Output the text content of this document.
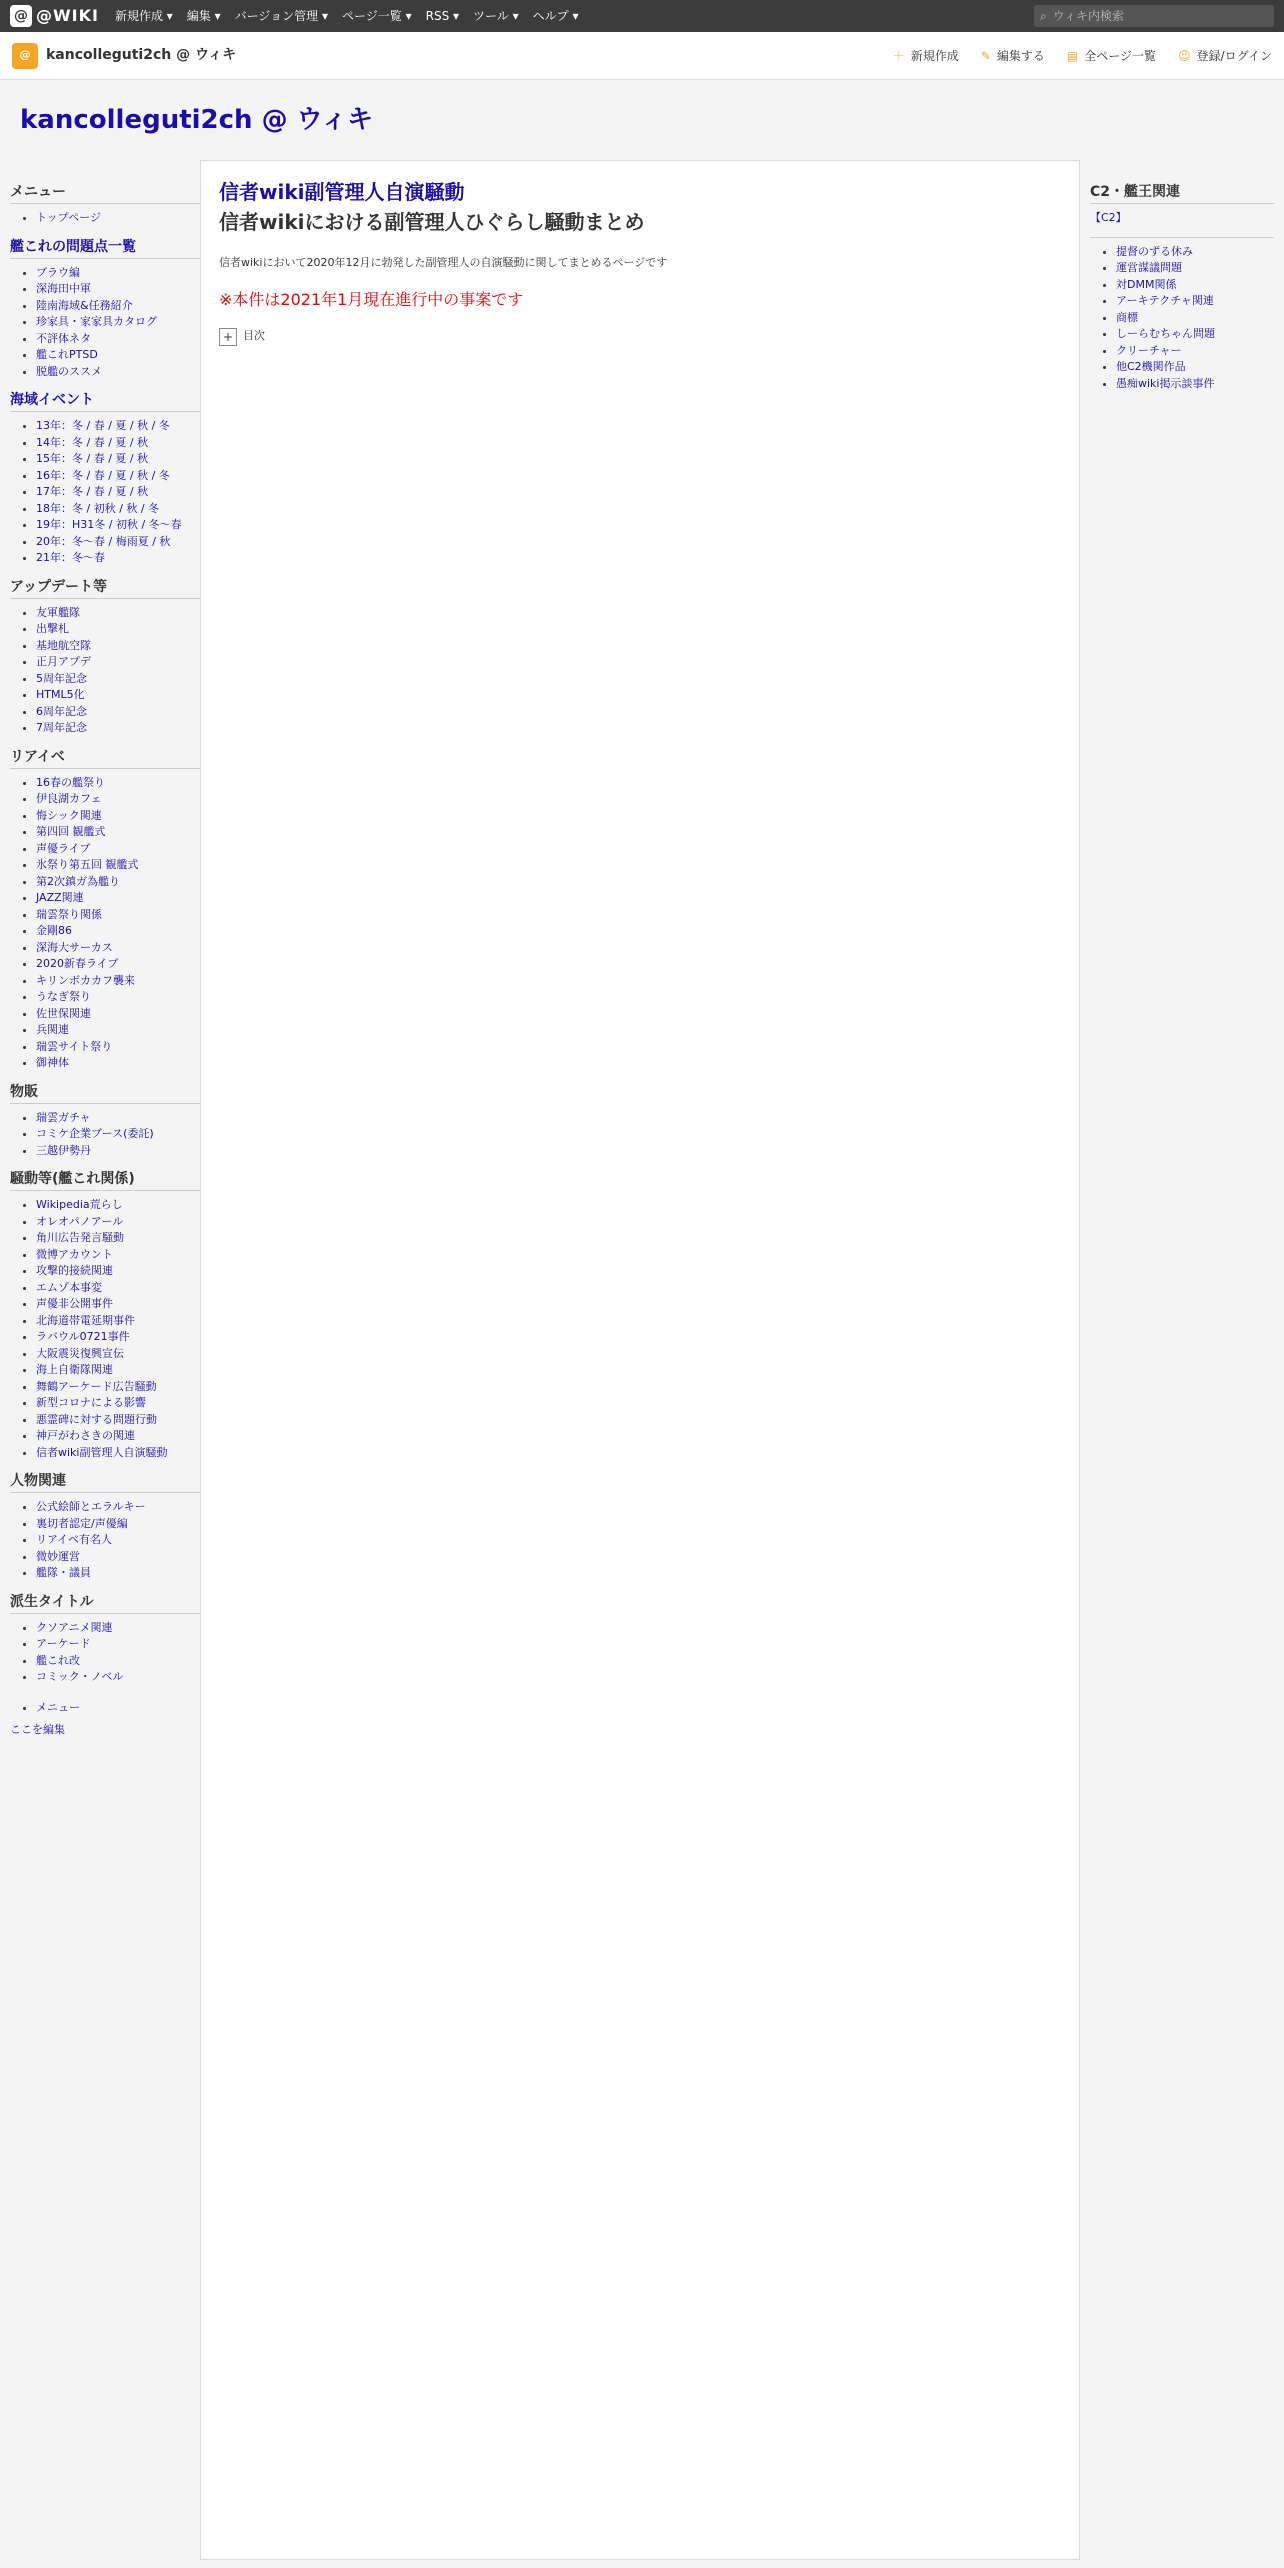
@ @WIKI 新規作成 ▾ 編集 ▾ バージョン管理 ▾ ページ一覧 ▾ RSS ▾ ツール ▾ ヘルプ ▾	⌕ ウィキ内検索
@	kancolleguti2ch @ ウィキ	＋ 新規作成 ✎ 編集する ▤ 全ページ一覧 ☺ 登録/ログイン
kancolleguti2ch @ ウィキ
メニュー
• トップページ
艦これの問題点一覧
• ブラウ編
• 深海田中軍
• 陸南海域&任務紹介
• 珍家具・家家具カタログ
• 不評体ネタ
• 艦これPTSD
• 脱艦のススメ
海域イベント
• 13年：冬 / 春 / 夏 / 秋 / 冬
• 14年：冬 / 春 / 夏 / 秋
• 15年：冬 / 春 / 夏 / 秋
• 16年：冬 / 春 / 夏 / 秋 / 冬
• 17年：冬 / 春 / 夏 / 秋
• 18年：冬 / 初秋 / 秋 / 冬
• 19年：H31冬 / 初秋 / 冬〜春
• 20年：冬〜春 / 梅雨夏 / 秋
• 21年：冬〜春
アップデート等
• 友軍艦隊
• 出撃札
• 基地航空隊
• 正月アプデ
• 5周年記念
• HTML5化
• 6周年記念
• 7周年記念
リアイベ
• 16春の艦祭り
• 伊良湖カフェ
• 悔シック関連
• 第四回 観艦式
• 声優ライブ
• 氷祭り第五回 観艦式
• 第2次鎮ガ為艦り
• JAZZ関連
• 瑞雲祭り関係
• 金剛86
• 深海大サーカス
• 2020新春ライブ
• キリンボカカフ襲来
• うなぎ祭り
• 佐世保関連
• 兵関連
• 瑞雲サイト祭り
• 御神体
物販
• 瑞雲ガチャ
• コミケ企業ブース(委託)
• 三越伊勢丹
騒動等(艦これ関係)
• Wikipedia荒らし
• オレオパノアール
• 角川広告発言騒動
• 微博アカウント
• 攻撃的接続関連
• エムゾ本事変
• 声優非公開事件
• 北海道帯電延期事件
• ラバウル0721事件
• 大阪震災復興宣伝
• 海上自衛隊関連
• 舞鶴アーケード広告騒動
• 新型コロナによる影響
• 悪霊碑に対する問題行動
• 神戸がわさきの関連
• 信者wiki副管理人自演騒動
人物関連
• 公式絵師とエラルキー
• 裏切者認定/声優編
• リアイベ有名人
• 微妙運営
• 艦隊・議員
派生タイトル
• クソアニメ関連
• アーケード
• 艦これ改
• コミック・ノベル
• メニュー
ここを編集
信者wiki副管理人自演騒動
信者wikiにおける副管理人ひぐらし騒動まとめ

信者wikiにおいて2020年12月に勃発した副管理人の自演騒動に関してまとめるページです

※本件は2021年1月現在進行中の事案です
+ 目次
C2・艦王関連
【C2】
• 提督のずる休み
• 運営謀議問題
• 対DMM関係
• アーキテクチャ関連
• 商標
• しーらむちゃん問題
• クリーチャー
• 他C2機関作品
• 愚痴wiki掲示談事件
